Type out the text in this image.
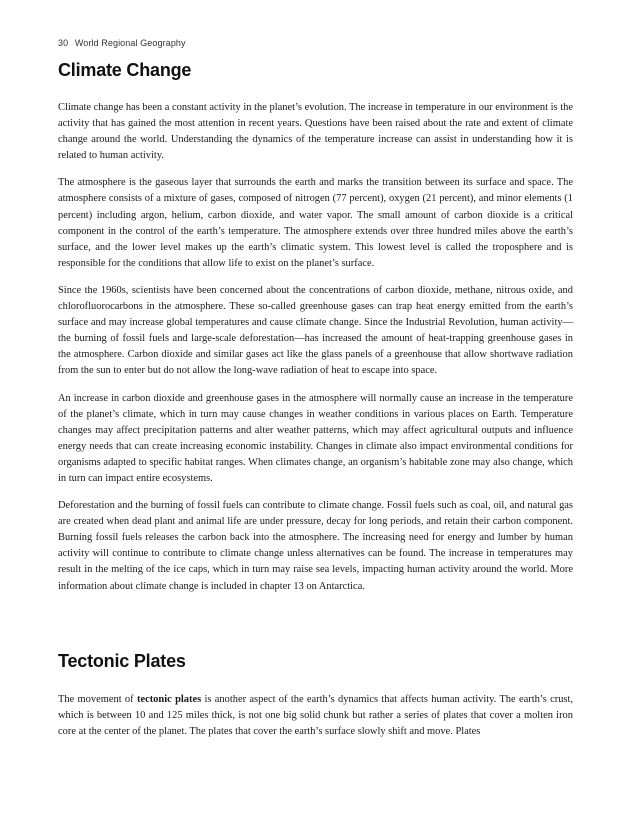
30 World Regional Geography
Climate Change

Climate change has been a constant activity in the planet’s evolution. The increase in temperature in our environment is the activity that has gained the most attention in recent years. Questions have been raised about the rate and extent of climate change around the world. Understanding the dynamics of the temperature increase can assist in understanding how it is related to human activity.

The atmosphere is the gaseous layer that surrounds the earth and marks the transition between its surface and space. The atmosphere consists of a mixture of gases, composed of nitrogen (77 percent), oxygen (21 percent), and minor elements (1 percent) including argon, helium, carbon dioxide, and water vapor. The small amount of carbon dioxide is a critical component in the control of the earth’s temperature. The atmosphere extends over three hundred miles above the earth’s surface, and the lower level makes up the earth’s climatic system. This lowest level is called the troposphere and is responsible for the conditions that allow life to exist on the planet’s surface.

Since the 1960s, scientists have been concerned about the concentrations of carbon dioxide, methane, nitrous oxide, and chlorofluorocarbons in the atmosphere. These so-called greenhouse gases can trap heat energy emitted from the earth’s surface and may increase global temperatures and cause climate change. Since the Industrial Revolution, human activity—the burning of fossil fuels and large-scale deforestation—has increased the amount of heat-trapping greenhouse gases in the atmosphere. Carbon dioxide and similar gases act like the glass panels of a greenhouse that allow shortwave radiation from the sun to enter but do not allow the long-wave radiation of heat to escape into space.

An increase in carbon dioxide and greenhouse gases in the atmosphere will normally cause an increase in the temperature of the planet’s climate, which in turn may cause changes in weather conditions in various places on Earth. Temperature changes may affect precipitation patterns and alter weather patterns, which may affect agricultural outputs and influence energy needs that can create increasing economic instability. Changes in climate also impact environmental conditions for organisms adapted to specific habitat ranges. When climates change, an organism’s habitable zone may also change, which in turn can impact entire ecosystems.

Deforestation and the burning of fossil fuels can contribute to climate change. Fossil fuels such as coal, oil, and natural gas are created when dead plant and animal life are under pressure, decay for long periods, and retain their carbon component. Burning fossil fuels releases the carbon back into the atmosphere. The increasing need for energy and lumber by human activity will continue to contribute to climate change unless alternatives can be found. The increase in temperatures may result in the melting of the ice caps, which in turn may raise sea levels, impacting human activity around the world. More information about climate change is included in chapter 13 on Antarctica.

Tectonic Plates

The movement of tectonic plates is another aspect of the earth’s dynamics that affects human activity. The earth’s crust, which is between 10 and 125 miles thick, is not one big solid chunk but rather a series of plates that cover a molten iron core at the center of the planet. The plates that cover the earth’s surface slowly shift and move. Plates
